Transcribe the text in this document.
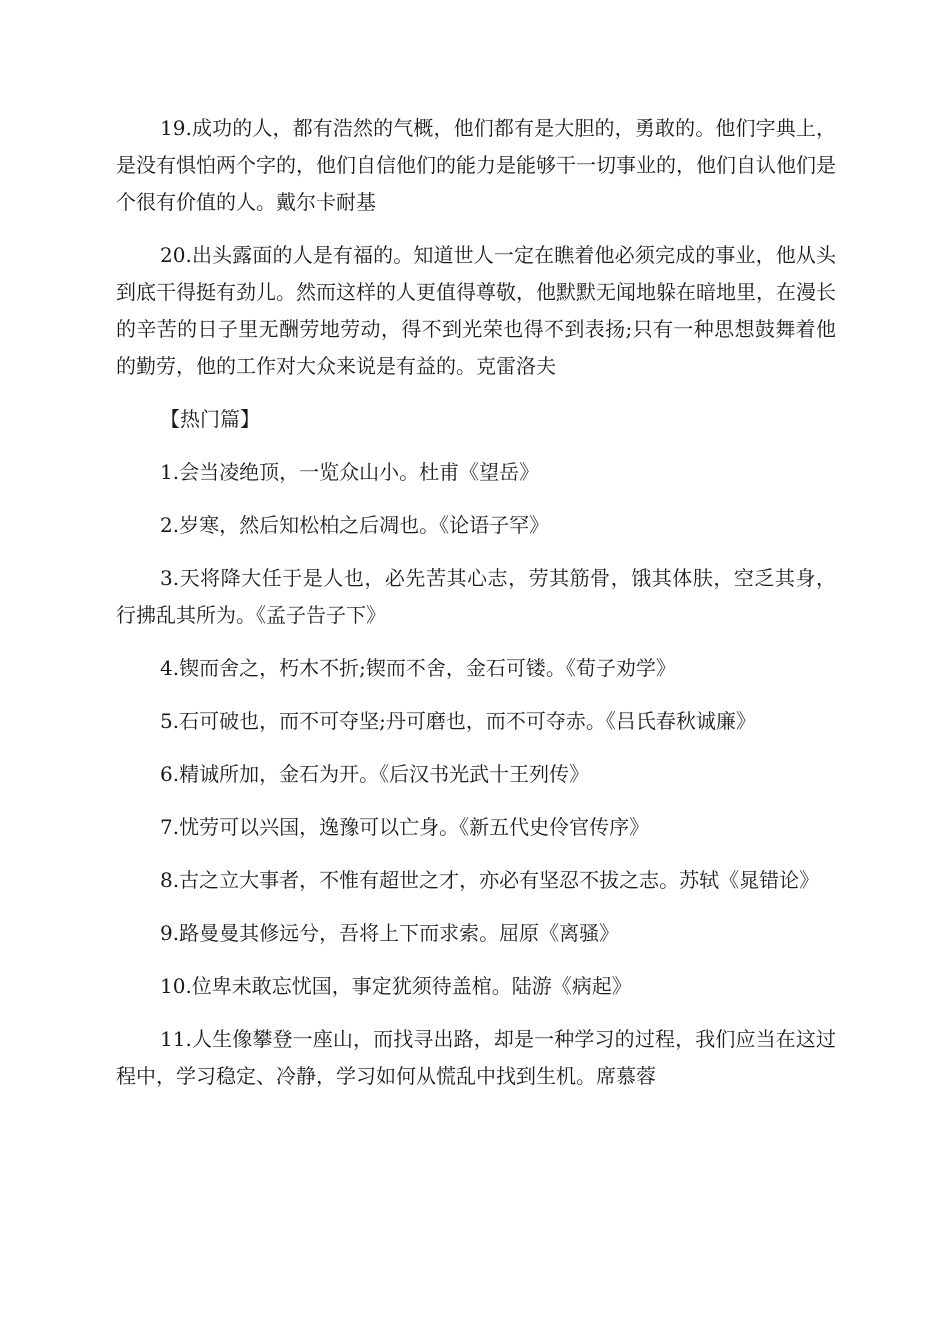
19.成功的人，都有浩然的气概，他们都有是大胆的，勇敢的。他们字典上，是没有惧怕两个字的，他们自信他们的能力是能够干一切事业的，他们自认他们是个很有价值的人。戴尔卡耐基

20.出头露面的人是有福的。知道世人一定在瞧着他必须完成的事业，他从头到底干得挺有劲儿。然而这样的人更值得尊敬，他默默无闻地躲在暗地里，在漫长的辛苦的日子里无酬劳地劳动，得不到光荣也得不到表扬;只有一种思想鼓舞着他的勤劳，他的工作对大众来说是有益的。克雷洛夫

【热门篇】

1.会当凌绝顶，一览众山小。杜甫《望岳》

2.岁寒，然后知松柏之后凋也。《论语子罕》

3.天将降大任于是人也，必先苦其心志，劳其筋骨，饿其体肤，空乏其身，行拂乱其所为。《孟子告子下》

4.锲而舍之，朽木不折;锲而不舍，金石可镂。《荀子劝学》

5.石可破也，而不可夺坚;丹可磨也，而不可夺赤。《吕氏春秋诚廉》

6.精诚所加，金石为开。《后汉书光武十王列传》

7.忧劳可以兴国，逸豫可以亡身。《新五代史伶官传序》

8.古之立大事者，不惟有超世之才，亦必有坚忍不拔之志。苏轼《晁错论》

9.路曼曼其修远兮，吾将上下而求索。屈原《离骚》

10.位卑未敢忘忧国，事定犹须待盖棺。陆游《病起》

11.人生像攀登一座山，而找寻出路，却是一种学习的过程，我们应当在这过程中，学习稳定、冷静，学习如何从慌乱中找到生机。席慕蓉
